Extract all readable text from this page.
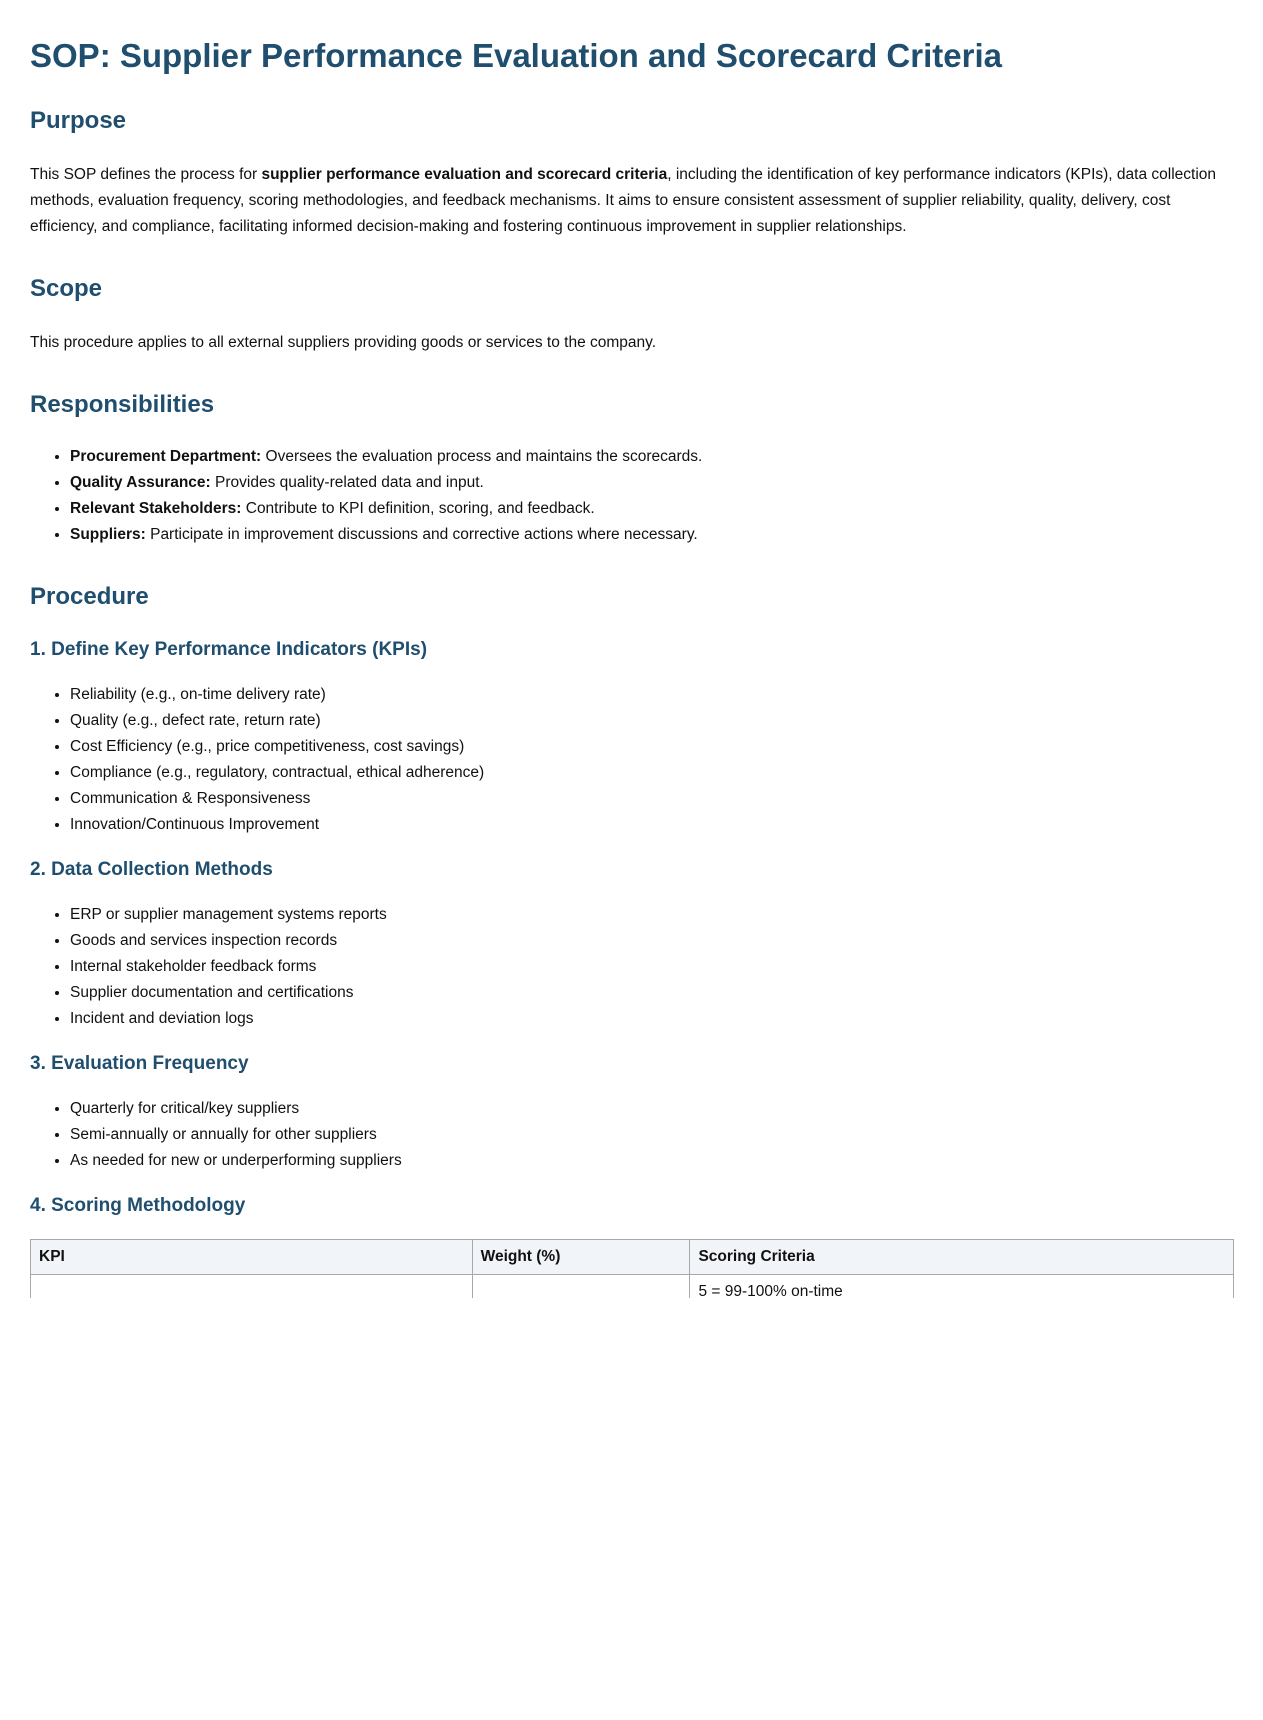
SOP: Supplier Performance Evaluation and Scorecard Criteria
Purpose

This SOP defines the process for supplier performance evaluation and scorecard criteria, including the identification of key performance indicators (KPIs), data collection methods, evaluation frequency, scoring methodologies, and feedback mechanisms. It aims to ensure consistent assessment of supplier reliability, quality, delivery, cost efficiency, and compliance, facilitating informed decision-making and fostering continuous improvement in supplier relationships.

Scope

This procedure applies to all external suppliers providing goods or services to the company.

Responsibilities
• Procurement Department: Oversees the evaluation process and maintains the scorecards.
• Quality Assurance: Provides quality-related data and input.
• Relevant Stakeholders: Contribute to KPI definition, scoring, and feedback.
• Suppliers: Participate in improvement discussions and corrective actions where necessary.
Procedure
1. Define Key Performance Indicators (KPIs)
• Reliability (e.g., on-time delivery rate)
• Quality (e.g., defect rate, return rate)
• Cost Efficiency (e.g., price competitiveness, cost savings)
• Compliance (e.g., regulatory, contractual, ethical adherence)
• Communication & Responsiveness
• Innovation/Continuous Improvement
2. Data Collection Methods
• ERP or supplier management systems reports
• Goods and services inspection records
• Internal stakeholder feedback forms
• Supplier documentation and certifications
• Incident and deviation logs
3. Evaluation Frequency
• Quarterly for critical/key suppliers
• Semi-annually or annually for other suppliers
• As needed for new or underperforming suppliers
4. Scoring Methodology
KPI	Weight (%)	Scoring Criteria
		5 = 99-100% on-time
